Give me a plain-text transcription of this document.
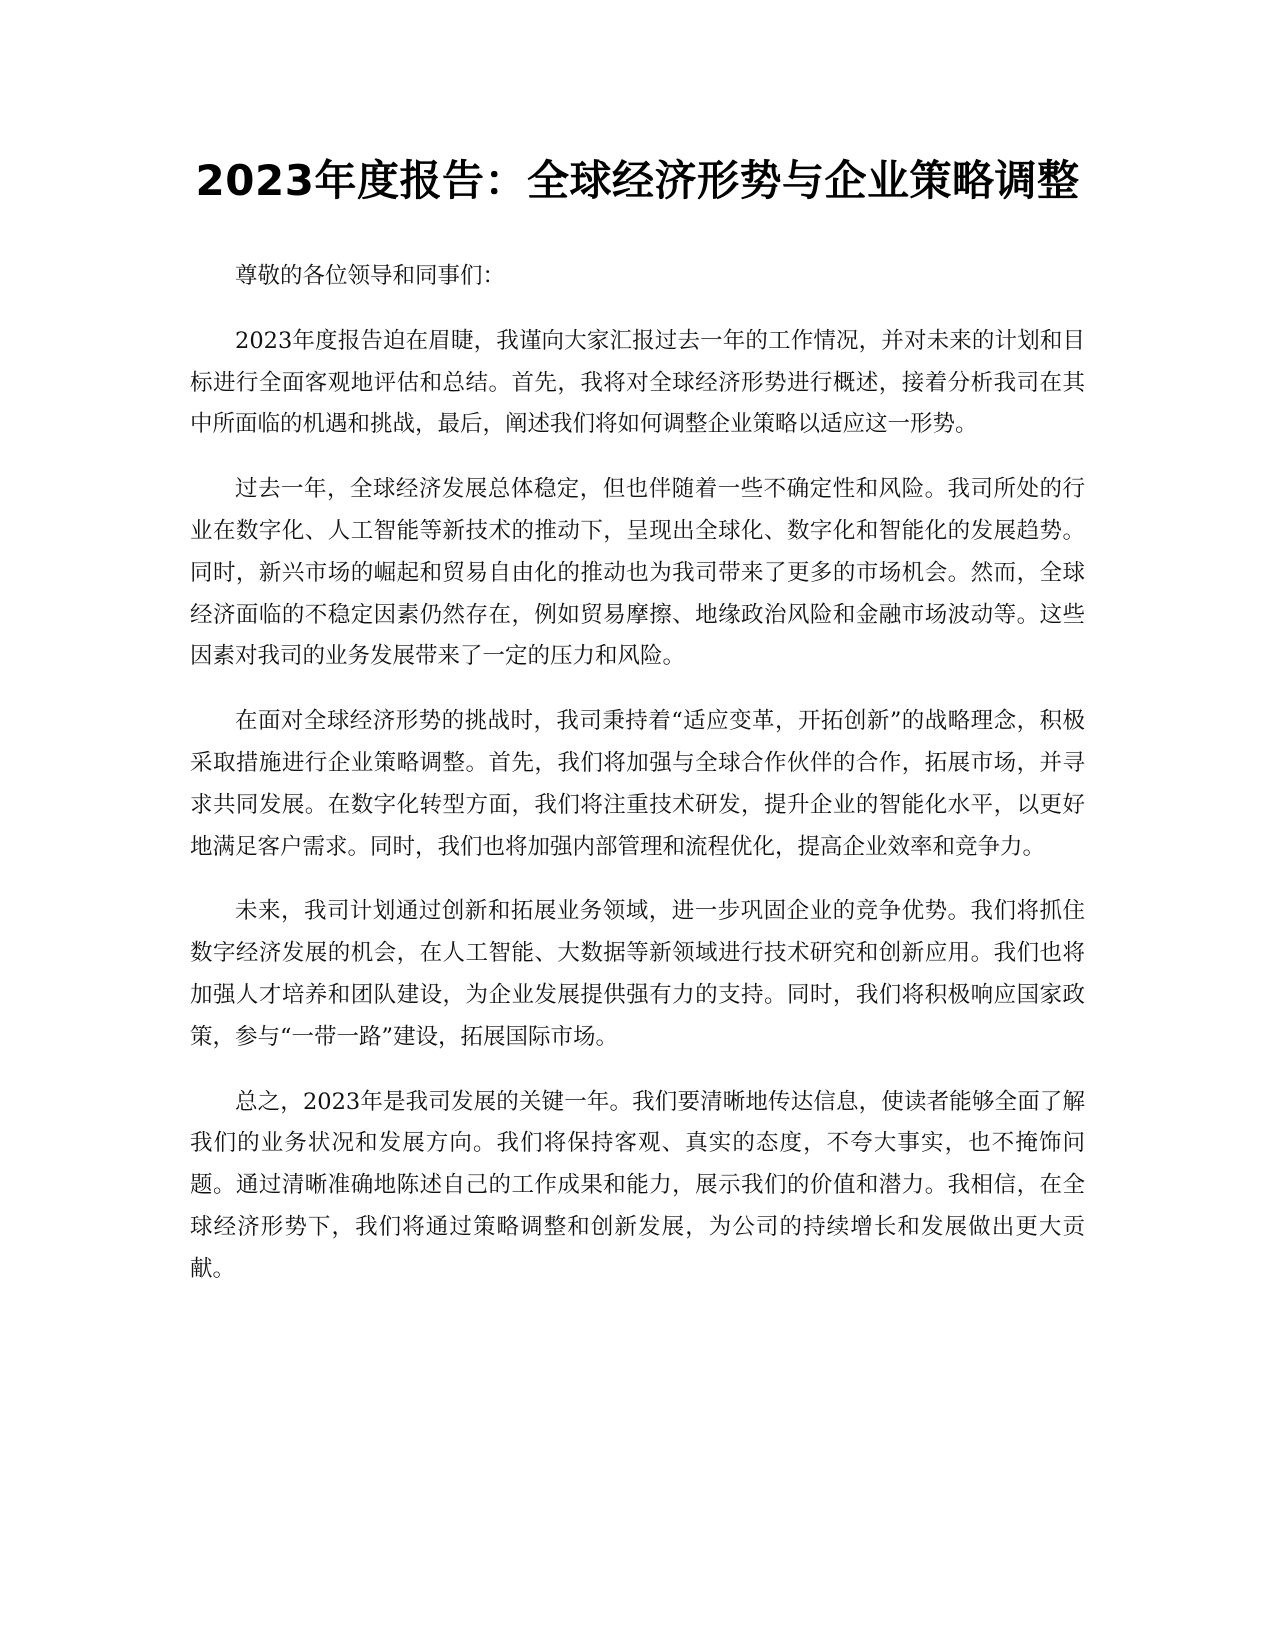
2023年度报告：全球经济形势与企业策略调整

尊敬的各位领导和同事们：

2023年度报告迫在眉睫，我谨向大家汇报过去一年的工作情况，并对未来的计划和目标进行全面客观地评估和总结。首先，我将对全球经济形势进行概述，接着分析我司在其中所面临的机遇和挑战，最后，阐述我们将如何调整企业策略以适应这一形势。

过去一年，全球经济发展总体稳定，但也伴随着一些不确定性和风险。我司所处的行业在数字化、人工智能等新技术的推动下，呈现出全球化、数字化和智能化的发展趋势。同时，新兴市场的崛起和贸易自由化的推动也为我司带来了更多的市场机会。然而，全球经济面临的不稳定因素仍然存在，例如贸易摩擦、地缘政治风险和金融市场波动等。这些因素对我司的业务发展带来了一定的压力和风险。

在面对全球经济形势的挑战时，我司秉持着“适应变革，开拓创新”的战略理念，积极采取措施进行企业策略调整。首先，我们将加强与全球合作伙伴的合作，拓展市场，并寻求共同发展。在数字化转型方面，我们将注重技术研发，提升企业的智能化水平，以更好地满足客户需求。同时，我们也将加强内部管理和流程优化，提高企业效率和竞争力。

未来，我司计划通过创新和拓展业务领域，进一步巩固企业的竞争优势。我们将抓住数字经济发展的机会，在人工智能、大数据等新领域进行技术研究和创新应用。我们也将加强人才培养和团队建设，为企业发展提供强有力的支持。同时，我们将积极响应国家政策，参与“一带一路”建设，拓展国际市场。

总之，2023年是我司发展的关键一年。我们要清晰地传达信息，使读者能够全面了解我们的业务状况和发展方向。我们将保持客观、真实的态度，不夸大事实，也不掩饰问题。通过清晰准确地陈述自己的工作成果和能力，展示我们的价值和潜力。我相信，在全球经济形势下，我们将通过策略调整和创新发展，为公司的持续增长和发展做出更大贡献。
